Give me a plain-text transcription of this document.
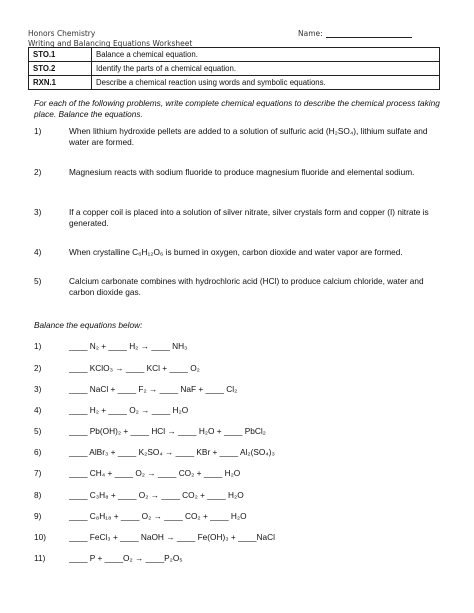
Honors Chemistry
Writing and Balancing Equations Worksheet
Name:
STO.1	Balance a chemical equation.
STO.2	Identify the parts of a chemical equation.
RXN.1	Describe a chemical reaction using words and symbolic equations.
For each of the following problems, write complete chemical equations to describe the chemical process taking place. Balance the equations.
1)	When lithium hydroxide pellets are added to a solution of sulfuric acid (H₂SO₄), lithium sulfate and water are formed.
2)	Magnesium reacts with sodium fluoride to produce magnesium fluoride and elemental sodium.
3)	If a copper coil is placed into a solution of silver nitrate, silver crystals form and copper (I) nitrate is generated.
4)	When crystalline C₆H₁₂O₆ is burned in oxygen, carbon dioxide and water vapor are formed.
5)	Calcium carbonate combines with hydrochloric acid (HCl) to produce calcium chloride, water and carbon dioxide gas.
Balance the equations below:
1)	____ N₂ + ____ H₂ → ____ NH₃
2)	____ KClO₃ → ____ KCl + ____ O₂
3)	____ NaCl + ____ F₂ → ____ NaF + ____ Cl₂
4)	____ H₂ + ____ O₂ → ____ H₂O
5)	____ Pb(OH)₂ + ____ HCl → ____ H₂O + ____ PbCl₂
6)	____ AlBr₃ + ____ K₂SO₄ → ____ KBr + ____ Al₂(SO₄)₃
7)	____ CH₄ + ____ O₂ → ____ CO₂ + ____ H₂O
8)	____ C₃H₈ + ____ O₂ → ____ CO₂ + ____ H₂O
9)	____ C₈H₁₈ + ____ O₂ → ____ CO₂ + ____ H₂O
10)	____ FeCl₃ + ____ NaOH → ____ Fe(OH)₃ + ____NaCl
11)	____ P + ____O₂ → ____P₂O₅
